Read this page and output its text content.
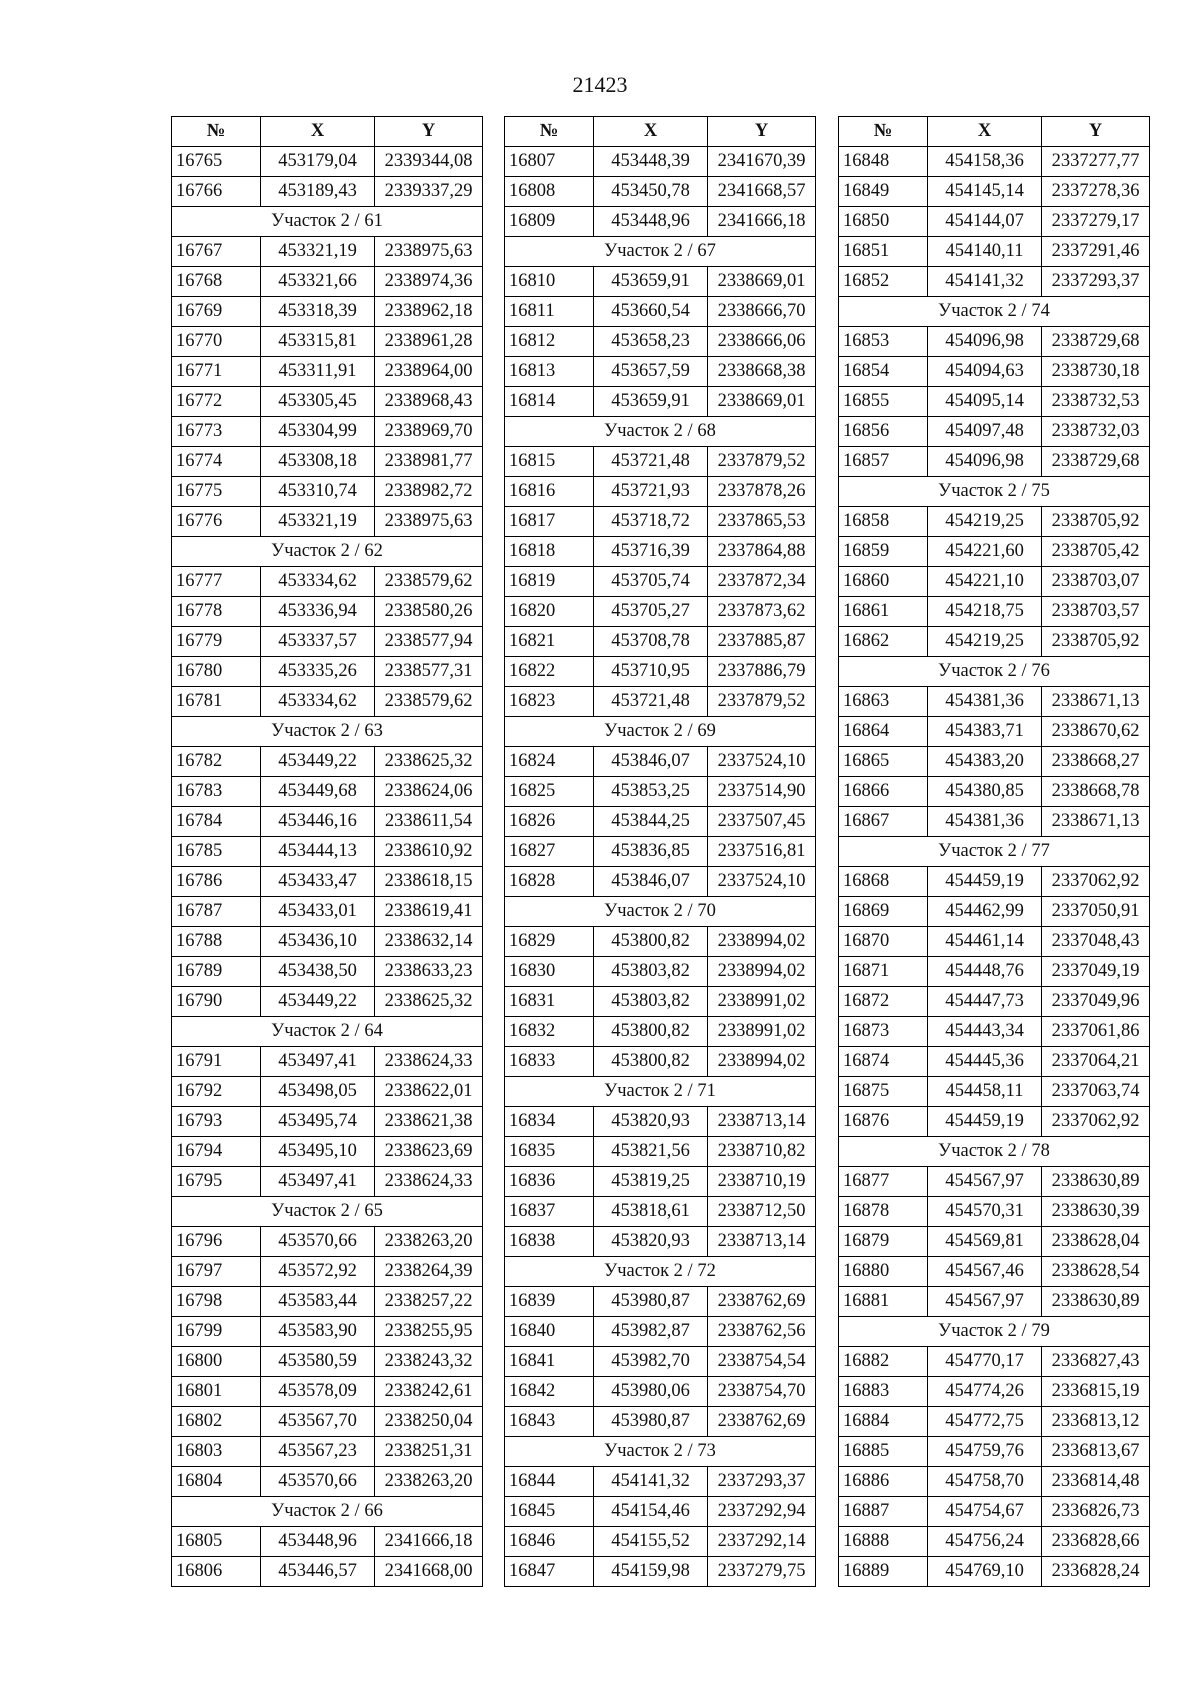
21423
№	X	Y
16765	453179,04	2339344,08
16766	453189,43	2339337,29
Участок 2 / 61		
16767	453321,19	2338975,63
16768	453321,66	2338974,36
16769	453318,39	2338962,18
16770	453315,81	2338961,28
16771	453311,91	2338964,00
16772	453305,45	2338968,43
16773	453304,99	2338969,70
16774	453308,18	2338981,77
16775	453310,74	2338982,72
16776	453321,19	2338975,63
Участок 2 / 62		
16777	453334,62	2338579,62
16778	453336,94	2338580,26
16779	453337,57	2338577,94
16780	453335,26	2338577,31
16781	453334,62	2338579,62
Участок 2 / 63		
16782	453449,22	2338625,32
16783	453449,68	2338624,06
16784	453446,16	2338611,54
16785	453444,13	2338610,92
16786	453433,47	2338618,15
16787	453433,01	2338619,41
16788	453436,10	2338632,14
16789	453438,50	2338633,23
16790	453449,22	2338625,32
Участок 2 / 64		
16791	453497,41	2338624,33
16792	453498,05	2338622,01
16793	453495,74	2338621,38
16794	453495,10	2338623,69
16795	453497,41	2338624,33
Участок 2 / 65		
16796	453570,66	2338263,20
16797	453572,92	2338264,39
16798	453583,44	2338257,22
16799	453583,90	2338255,95
16800	453580,59	2338243,32
16801	453578,09	2338242,61
16802	453567,70	2338250,04
16803	453567,23	2338251,31
16804	453570,66	2338263,20
Участок 2 / 66		
16805	453448,96	2341666,18
16806	453446,57	2341668,00
№	X	Y
16807	453448,39	2341670,39
16808	453450,78	2341668,57
16809	453448,96	2341666,18
Участок 2 / 67		
16810	453659,91	2338669,01
16811	453660,54	2338666,70
16812	453658,23	2338666,06
16813	453657,59	2338668,38
16814	453659,91	2338669,01
Участок 2 / 68		
16815	453721,48	2337879,52
16816	453721,93	2337878,26
16817	453718,72	2337865,53
16818	453716,39	2337864,88
16819	453705,74	2337872,34
16820	453705,27	2337873,62
16821	453708,78	2337885,87
16822	453710,95	2337886,79
16823	453721,48	2337879,52
Участок 2 / 69		
16824	453846,07	2337524,10
16825	453853,25	2337514,90
16826	453844,25	2337507,45
16827	453836,85	2337516,81
16828	453846,07	2337524,10
Участок 2 / 70		
16829	453800,82	2338994,02
16830	453803,82	2338994,02
16831	453803,82	2338991,02
16832	453800,82	2338991,02
16833	453800,82	2338994,02
Участок 2 / 71		
16834	453820,93	2338713,14
16835	453821,56	2338710,82
16836	453819,25	2338710,19
16837	453818,61	2338712,50
16838	453820,93	2338713,14
Участок 2 / 72		
16839	453980,87	2338762,69
16840	453982,87	2338762,56
16841	453982,70	2338754,54
16842	453980,06	2338754,70
16843	453980,87	2338762,69
Участок 2 / 73		
16844	454141,32	2337293,37
16845	454154,46	2337292,94
16846	454155,52	2337292,14
16847	454159,98	2337279,75
№	X	Y
16848	454158,36	2337277,77
16849	454145,14	2337278,36
16850	454144,07	2337279,17
16851	454140,11	2337291,46
16852	454141,32	2337293,37
Участок 2 / 74		
16853	454096,98	2338729,68
16854	454094,63	2338730,18
16855	454095,14	2338732,53
16856	454097,48	2338732,03
16857	454096,98	2338729,68
Участок 2 / 75		
16858	454219,25	2338705,92
16859	454221,60	2338705,42
16860	454221,10	2338703,07
16861	454218,75	2338703,57
16862	454219,25	2338705,92
Участок 2 / 76		
16863	454381,36	2338671,13
16864	454383,71	2338670,62
16865	454383,20	2338668,27
16866	454380,85	2338668,78
16867	454381,36	2338671,13
Участок 2 / 77		
16868	454459,19	2337062,92
16869	454462,99	2337050,91
16870	454461,14	2337048,43
16871	454448,76	2337049,19
16872	454447,73	2337049,96
16873	454443,34	2337061,86
16874	454445,36	2337064,21
16875	454458,11	2337063,74
16876	454459,19	2337062,92
Участок 2 / 78		
16877	454567,97	2338630,89
16878	454570,31	2338630,39
16879	454569,81	2338628,04
16880	454567,46	2338628,54
16881	454567,97	2338630,89
Участок 2 / 79		
16882	454770,17	2336827,43
16883	454774,26	2336815,19
16884	454772,75	2336813,12
16885	454759,76	2336813,67
16886	454758,70	2336814,48
16887	454754,67	2336826,73
16888	454756,24	2336828,66
16889	454769,10	2336828,24
